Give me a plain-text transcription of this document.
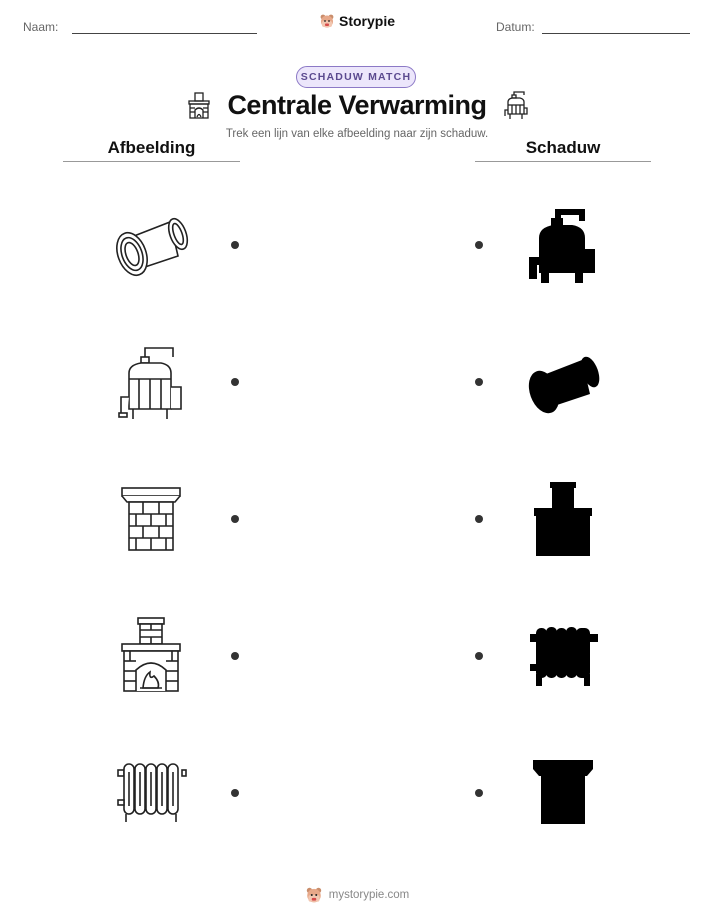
Naam:	Storypie	Datum:
SCHADUW MATCH
Centrale Verwarming
Trek een lijn van elke afbeelding naar zijn schaduw.
Afbeelding	Schaduw
mystorypie.com
